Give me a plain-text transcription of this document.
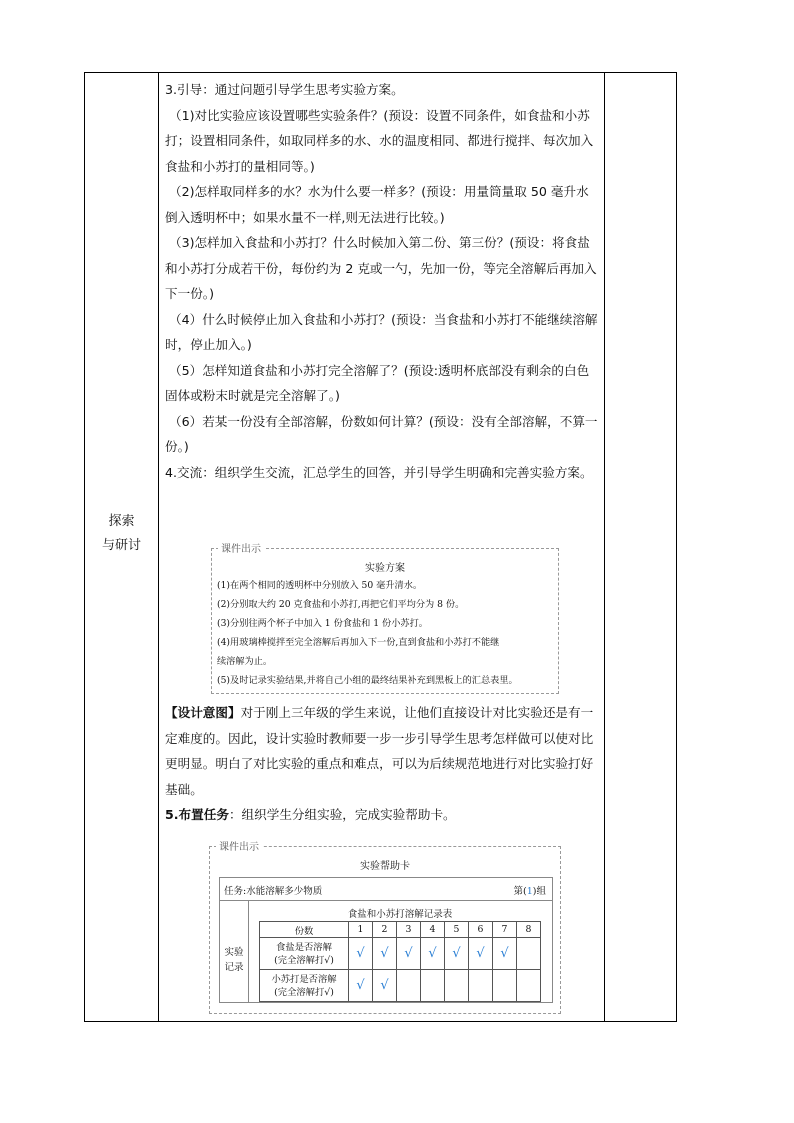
探索
与研讨

3.引导：通过问题引导学生思考实验方案。

（1)对比实验应该设置哪些实验条件？(预设：设置不同条件，如食盐和小苏打；设置相同条件，如取同样多的水、水的温度相同、都进行搅拌、每次加入食盐和小苏打的量相同等。)

（2)怎样取同样多的水？水为什么要一样多？(预设：用量筒量取 50 毫升水倒入透明杯中；如果水量不一样,则无法进行比较。)

（3)怎样加入食盐和小苏打？什么时候加入第二份、第三份？(预设：将食盐和小苏打分成若干份，每份约为 2 克或一勺，先加一份，等完全溶解后再加入下一份。)

（4）什么时候停止加入食盐和小苏打？(预设：当食盐和小苏打不能继续溶解时，停止加入。)

（5）怎样知道食盐和小苏打完全溶解了？(预设:透明杯底部没有剩余的白色固体或粉末时就是完全溶解了。)

（6）若某一份没有全部溶解，份数如何计算？(预设：没有全部溶解，不算一份。)

4.交流：组织学生交流，汇总学生的回答，并引导学生明确和完善实验方案。

【设计意图】对于刚上三年级的学生来说，让他们直接设计对比实验还是有一定难度的。因此，设计实验时教师要一步一步引导学生思考怎样做可以使对比更明显。明白了对比实验的重点和难点，可以为后续规范地进行对比实验打好基础。

5.布置任务：组织学生分组实验，完成实验帮助卡。

课件出示
实验方案
(1)在两个相同的透明杯中分别放入 50 毫升清水。
(2)分别取大约 20 克食盐和小苏打,再把它们平均分为 8 份。
(3)分别往两个杯子中加入 1 份食盐和 1 份小苏打。
(4)用玻璃棒搅拌至完全溶解后再加入下一份,直到食盐和小苏打不能继
续溶解为止。
(5)及时记录实验结果,并将自己小组的最终结果补充到黑板上的汇总表里。
课件出示
实验帮助卡
任务:水能溶解多少物质	第(1)组
实验记录
食盐和小苏打溶解记录表
份数	1	2	3	4	5	6	7	8

食盐是否溶解
(完全溶解打√)	√	√	√	√	√	√	√	

小苏打是否溶解
(完全溶解打√)	√	√						
